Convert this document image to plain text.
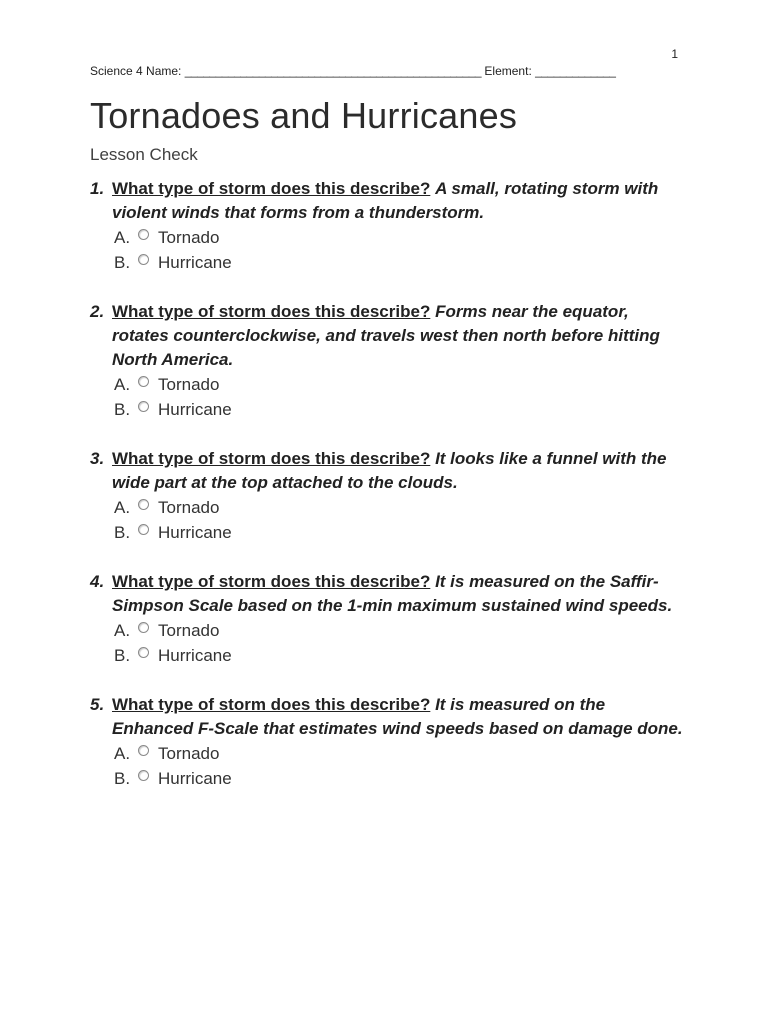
1
Science 4 Name: ________________________________________________ Element: _____________
Tornadoes and Hurricanes
Lesson Check
1. What type of storm does this describe? A small, rotating storm with violent winds that forms from a thunderstorm.
A. Tornado
B. Hurricane
2. What type of storm does this describe? Forms near the equator, rotates counterclockwise, and travels west then north before hitting North America.
A. Tornado
B. Hurricane
3. What type of storm does this describe? It looks like a funnel with the wide part at the top attached to the clouds.
A. Tornado
B. Hurricane
4. What type of storm does this describe? It is measured on the Saffir-Simpson Scale based on the 1-min maximum sustained wind speeds.
A. Tornado
B. Hurricane
5. What type of storm does this describe? It is measured on the Enhanced F-Scale that estimates wind speeds based on damage done.
A. Tornado
B. Hurricane
